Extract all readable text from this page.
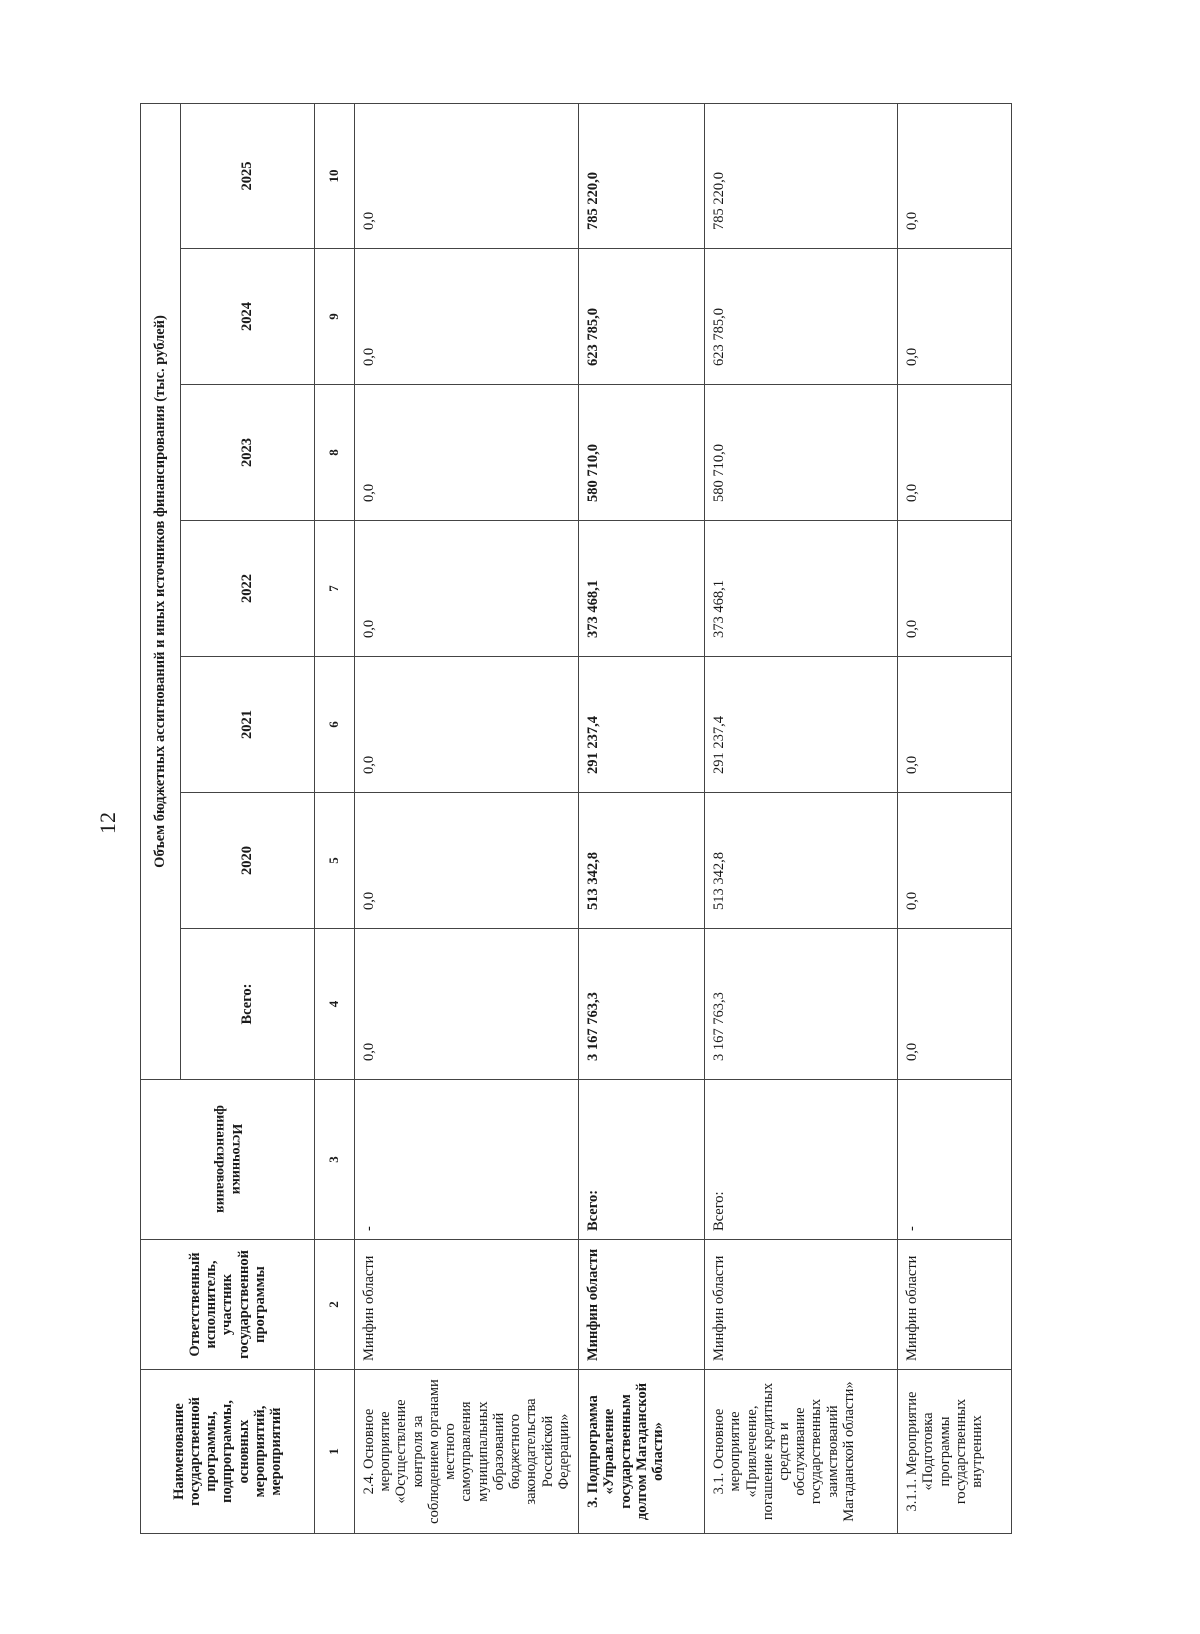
12
Наименование государственной программы, подпрограммы, основных мероприятий, мероприятий	Ответственный исполнитель, участник государственной программы	Источники финансирования	Объем бюджетных ассигнований и иных источников финансирования (тыс. рублей)						
			Всего:	2020	2021	2022	2023	2024	2025
1	2	3	4	5	6	7	8	9	10
2.4. Основное мероприятие «Осуществление контроля за соблюдением органами местного самоуправления муниципальных образований бюджетного законодательства Российской Федерации»	Минфин области	-	0,0	0,0	0,0	0,0	0,0	0,0	0,0
3. Подпрограмма «Управление государственным долгом Магаданской области»	Минфин области	Всего:	3 167 763,3	513 342,8	291 237,4	373 468,1	580 710,0	623 785,0	785 220,0
3.1. Основное мероприятие «Привлечение, погашение кредитных средств и обслуживание государственных заимствований Магаданской области»	Минфин области	Всего:	3 167 763,3	513 342,8	291 237,4	373 468,1	580 710,0	623 785,0	785 220,0
3.1.1. Мероприятие «Подготовка программы государственных внутренних	Минфин области	-	0,0	0,0	0,0	0,0	0,0	0,0	0,0
